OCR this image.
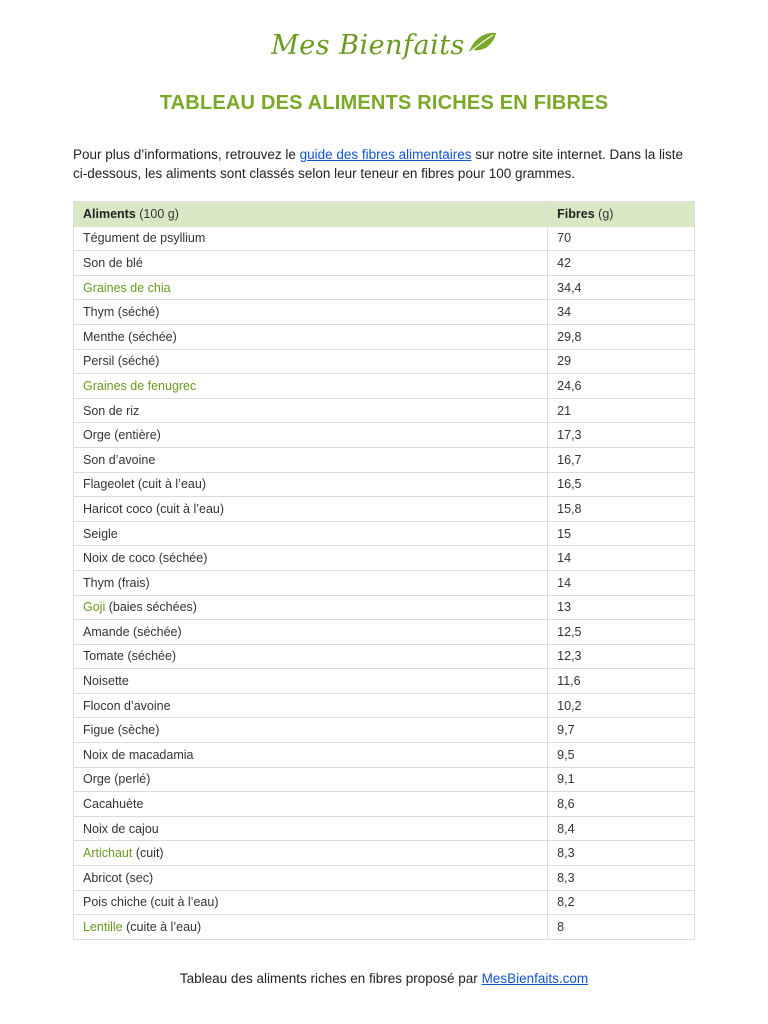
Mes Bienfaits
TABLEAU DES ALIMENTS RICHES EN FIBRES
Pour plus d’informations, retrouvez le guide des fibres alimentaires sur notre site internet. Dans la liste ci-dessous, les aliments sont classés selon leur teneur en fibres pour 100 grammes.
Aliments (100 g)	Fibres (g)
Tégument de psyllium	70
Son de blé	42
Graines de chia	34,4
Thym (séché)	34
Menthe (séchée)	29,8
Persil (séché)	29
Graines de fenugrec	24,6
Son de riz	21
Orge (entière)	17,3
Son d’avoine	16,7
Flageolet (cuit à l’eau)	16,5
Haricot coco (cuit à l’eau)	15,8
Seigle	15
Noix de coco (séchée)	14
Thym (frais)	14
Goji (baies séchées)	13
Amande (séchée)	12,5
Tomate (séchée)	12,3
Noisette	11,6
Flocon d’avoine	10,2
Figue (sèche)	9,7
Noix de macadamia	9,5
Orge (perlé)	9,1
Cacahuète	8,6
Noix de cajou	8,4
Artichaut (cuit)	8,3
Abricot (sec)	8,3
Pois chiche (cuit à l’eau)	8,2
Lentille (cuite à l’eau)	8
Tableau des aliments riches en fibres proposé par MesBienfaits.com
